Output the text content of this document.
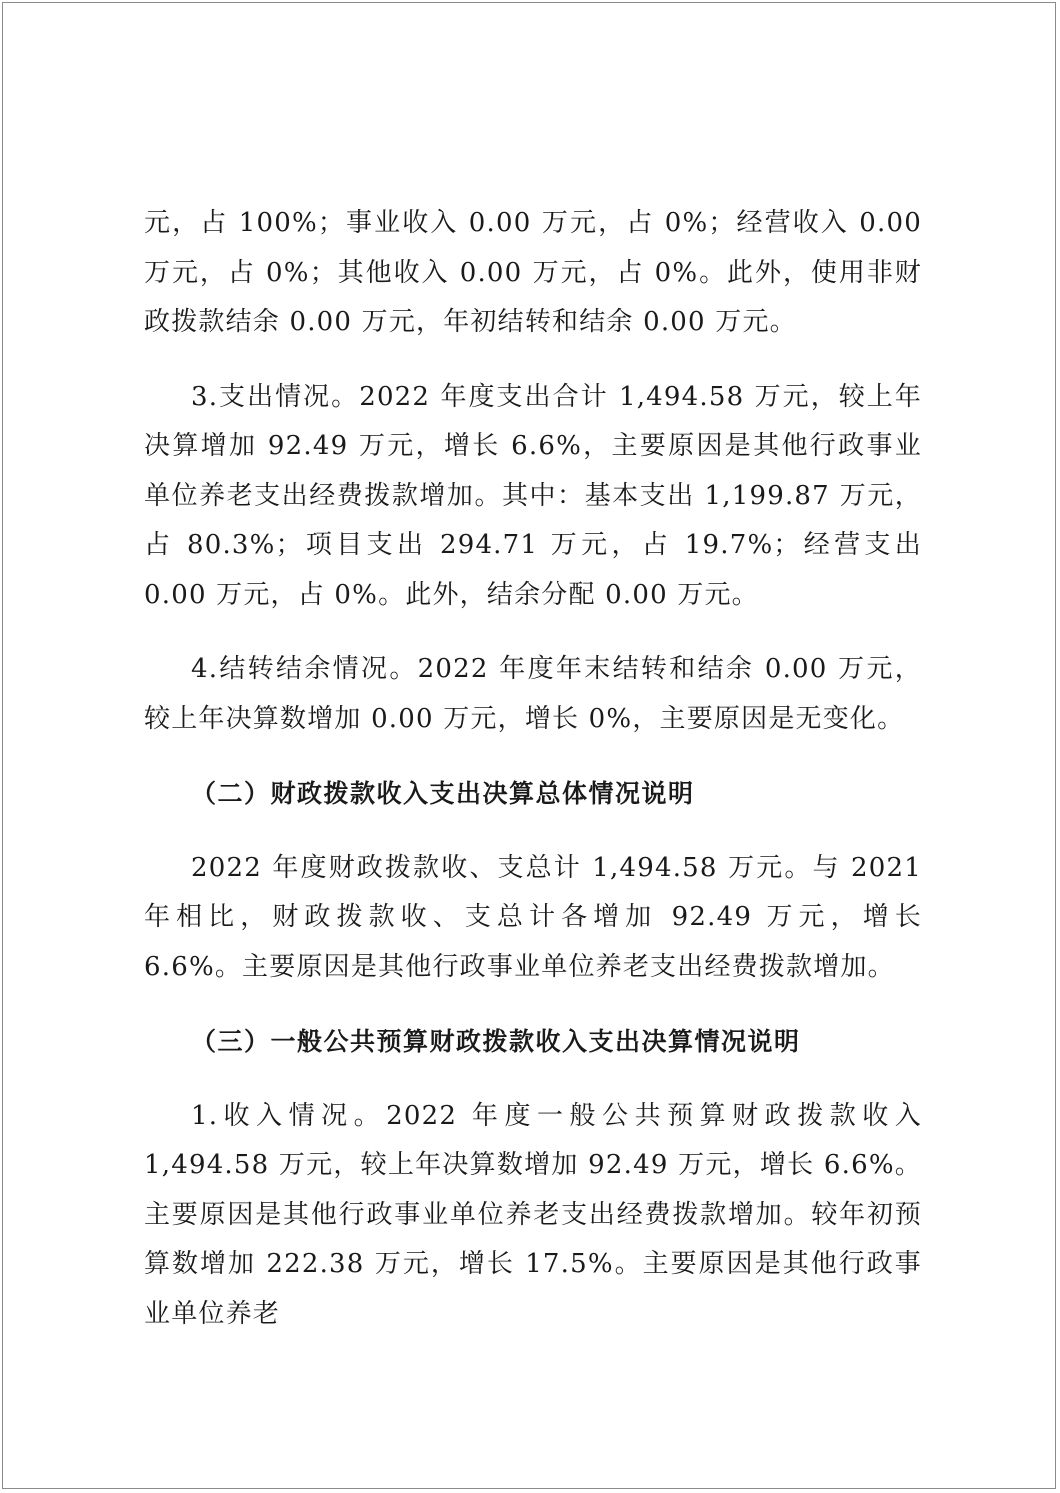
元，占 100%；事业收入 0.00 万元，占 0%；经营收入 0.00 万元，占 0%；其他收入 0.00 万元，占 0%。此外，使用非财政拨款结余 0.00 万元，年初结转和结余 0.00 万元。

3.支出情况。2022 年度支出合计 1,494.58 万元，较上年决算增加 92.49 万元，增长 6.6%，主要原因是其他行政事业单位养老支出经费拨款增加。其中：基本支出 1,199.87 万元，占 80.3%；项目支出 294.71 万元，占 19.7%；经营支出 0.00 万元，占 0%。此外，结余分配 0.00 万元。

4.结转结余情况。2022 年度年末结转和结余 0.00 万元，较上年决算数增加 0.00 万元，增长 0%，主要原因是无变化。

（二）财政拨款收入支出决算总体情况说明

2022 年度财政拨款收、支总计 1,494.58 万元。与 2021 年相比，财政拨款收、支总计各增加 92.49 万元，增长 6.6%。主要原因是其他行政事业单位养老支出经费拨款增加。

（三）一般公共预算财政拨款收入支出决算情况说明

1.收入情况。2022 年度一般公共预算财政拨款收入 1,494.58 万元，较上年决算数增加 92.49 万元，增长 6.6%。主要原因是其他行政事业单位养老支出经费拨款增加。较年初预算数增加 222.38 万元，增长 17.5%。主要原因是其他行政事业单位养老
